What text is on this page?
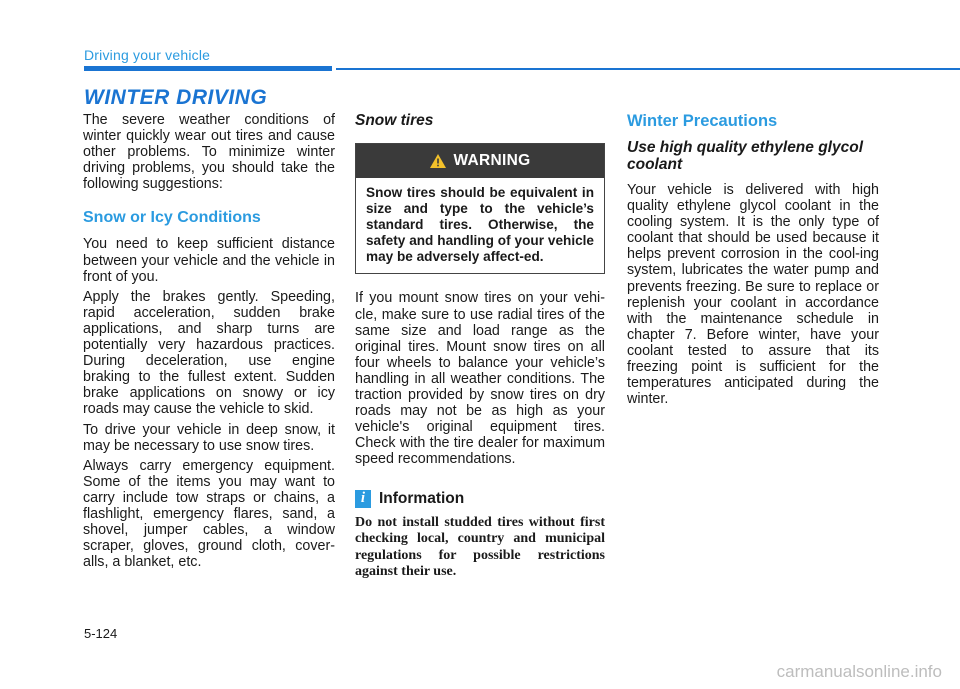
Driving your vehicle
WINTER DRIVING

The severe weather conditions of winter quickly wear out tires and cause other problems. To minimize winter driving problems, you should take the following suggestions:

Snow or Icy Conditions

You need to keep sufficient distance between your vehicle and the vehicle in front of you.

Apply the brakes gently. Speeding, rapid acceleration, sudden brake applications, and sharp turns are potentially very hazardous practices. During deceleration, use engine braking to the fullest extent. Sudden brake applications on snowy or icy roads may cause the vehicle to skid.

To drive your vehicle in deep snow, it may be necessary to use snow tires.

Always carry emergency equipment. Some of the items you may want to carry include tow straps or chains, a flashlight, emergency flares, sand, a shovel, jumper cables, a window scraper, gloves, ground cloth, cover-alls, a blanket, etc.

Snow tires
WARNING
Snow tires should be equivalent in size and type to the vehicle’s standard tires. Otherwise, the safety and handling of your vehicle may be adversely affect-ed.

If you mount snow tires on your vehi-cle, make sure to use radial tires of the same size and load range as the original tires. Mount snow tires on all four wheels to balance your vehicle’s handling in all weather conditions. The traction provided by snow tires on dry roads may not be as high as your vehicle's original equipment tires. Check with the tire dealer for maximum speed recommendations.

i Information
Do not install studded tires without first checking local, country and municipal regulations for possible restrictions against their use.
Winter Precautions
Use high quality ethylene glycol coolant

Your vehicle is delivered with high quality ethylene glycol coolant in the cooling system. It is the only type of coolant that should be used because it helps prevent corrosion in the cool-ing system, lubricates the water pump and prevents freezing. Be sure to replace or replenish your coolant in accordance with the maintenance schedule in chapter 7. Before winter, have your coolant tested to assure that its freezing point is sufficient for the temperatures anticipated during the winter.

5-124
carmanualsonline.info
